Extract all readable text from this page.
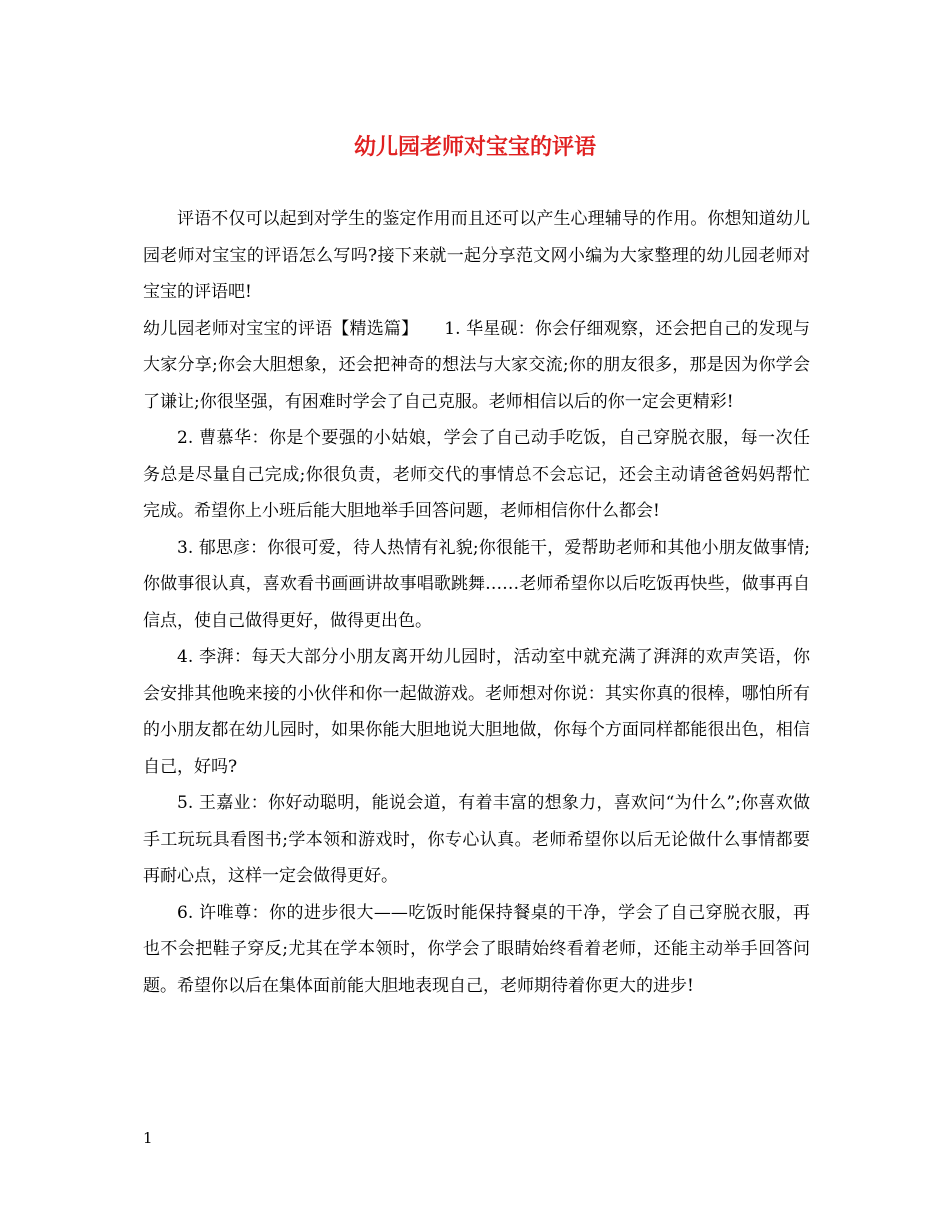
幼儿园老师对宝宝的评语

评语不仅可以起到对学生的鉴定作用而且还可以产生心理辅导的作用。你想知道幼儿园老师对宝宝的评语怎么写吗?接下来就一起分享范文网小编为大家整理的幼儿园老师对宝宝的评语吧!

幼儿园老师对宝宝的评语【精选篇】　　 1. 华星砚：你会仔细观察，还会把自己的发现与大家分享;你会大胆想象，还会把神奇的想法与大家交流;你的朋友很多，那是因为你学会了谦让;你很坚强，有困难时学会了自己克服。老师相信以后的你一定会更精彩!

2. 曹慕华：你是个要强的小姑娘，学会了自己动手吃饭，自己穿脱衣服，每一次任务总是尽量自己完成;你很负责，老师交代的事情总不会忘记，还会主动请爸爸妈妈帮忙完成。希望你上小班后能大胆地举手回答问题，老师相信你什么都会!

3. 郁思彦：你很可爱，待人热情有礼貌;你很能干，爱帮助老师和其他小朋友做事情;你做事很认真，喜欢看书画画讲故事唱歌跳舞……老师希望你以后吃饭再快些，做事再自信点，使自己做得更好，做得更出色。

4. 李湃：每天大部分小朋友离开幼儿园时，活动室中就充满了湃湃的欢声笑语，你会安排其他晚来接的小伙伴和你一起做游戏。老师想对你说：其实你真的很棒，哪怕所有的小朋友都在幼儿园时，如果你能大胆地说大胆地做，你每个方面同样都能很出色，相信自己，好吗?

5. 王嘉业：你好动聪明，能说会道，有着丰富的想象力，喜欢问“为什么”;你喜欢做手工玩玩具看图书;学本领和游戏时，你专心认真。老师希望你以后无论做什么事情都要再耐心点，这样一定会做得更好。

6. 许唯尊：你的进步很大——吃饭时能保持餐桌的干净，学会了自己穿脱衣服，再也不会把鞋子穿反;尤其在学本领时，你学会了眼睛始终看着老师，还能主动举手回答问题。希望你以后在集体面前能大胆地表现自己，老师期待着你更大的进步!

1
